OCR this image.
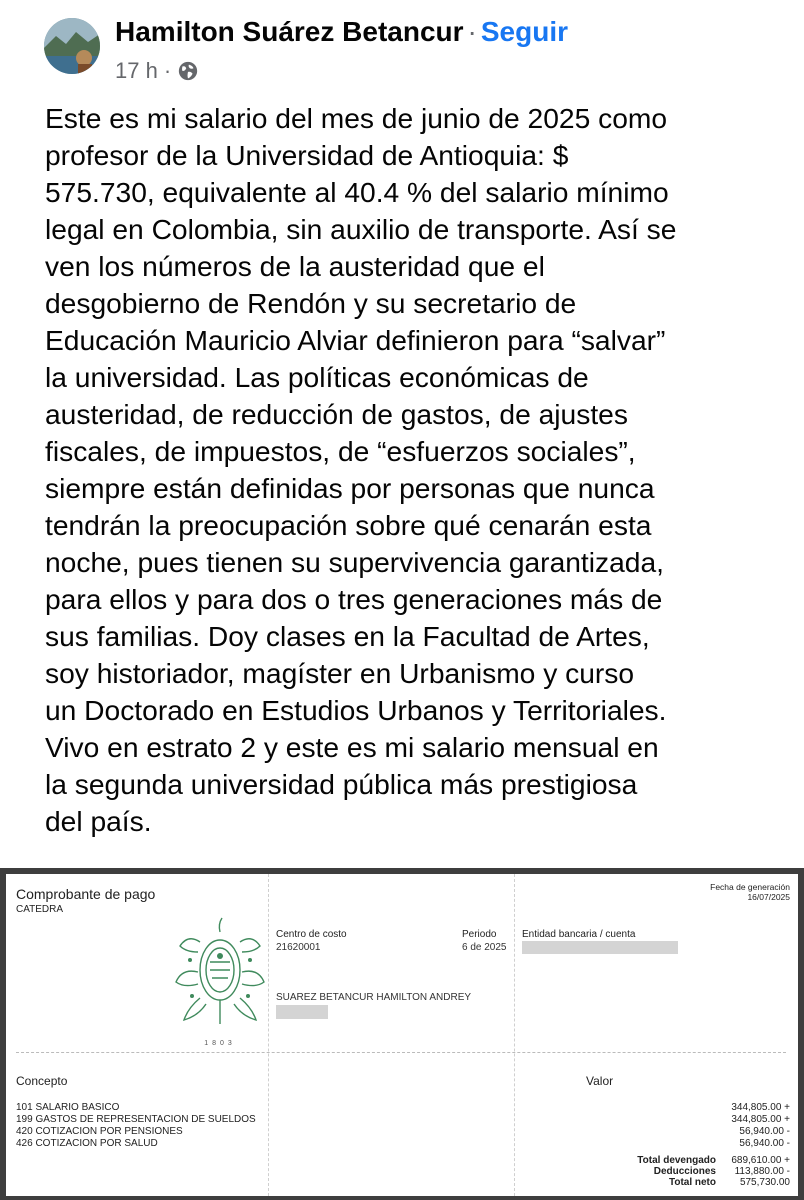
Hamilton Suárez Betancur · Seguir
17 h ·
Este es mi salario del mes de junio de 2025 como
profesor de la Universidad de Antioquia: $
575.730, equivalente al 40.4 % del salario mínimo
legal en Colombia, sin auxilio de transporte. Así se
ven los números de la austeridad que el
desgobierno de Rendón y su secretario de
Educación Mauricio Alviar definieron para “salvar”
la universidad. Las políticas económicas de
austeridad, de reducción de gastos, de ajustes
fiscales, de impuestos, de “esfuerzos sociales”,
siempre están definidas por personas que nunca
tendrán la preocupación sobre qué cenarán esta
noche, pues tienen su supervivencia garantizada,
para ellos y para dos o tres generaciones más de
sus familias. Doy clases en la Facultad de Artes,
soy historiador, magíster en Urbanismo y curso
un Doctorado en Estudios Urbanos y Territoriales.
Vivo en estrato 2 y este es mi salario mensual en
la segunda universidad pública más prestigiosa
del país.
Comprobante de pago
CATEDRA
Fecha de generación
16/07/2025
1803
Centro de costo
21620001
Periodo
6 de 2025
Entidad bancaria / cuenta
SUAREZ BETANCUR HAMILTON ANDREY
Concepto	Valor
101 SALARIO BASICO
199 GASTOS DE REPRESENTACION DE SUELDOS
420 COTIZACION POR PENSIONES
426 COTIZACION POR SALUD
344,805.00 +
344,805.00 +
56,940.00 -
56,940.00 -
Total devengado
Deducciones
Total neto
689,610.00 +
113,880.00 -
575,730.00
